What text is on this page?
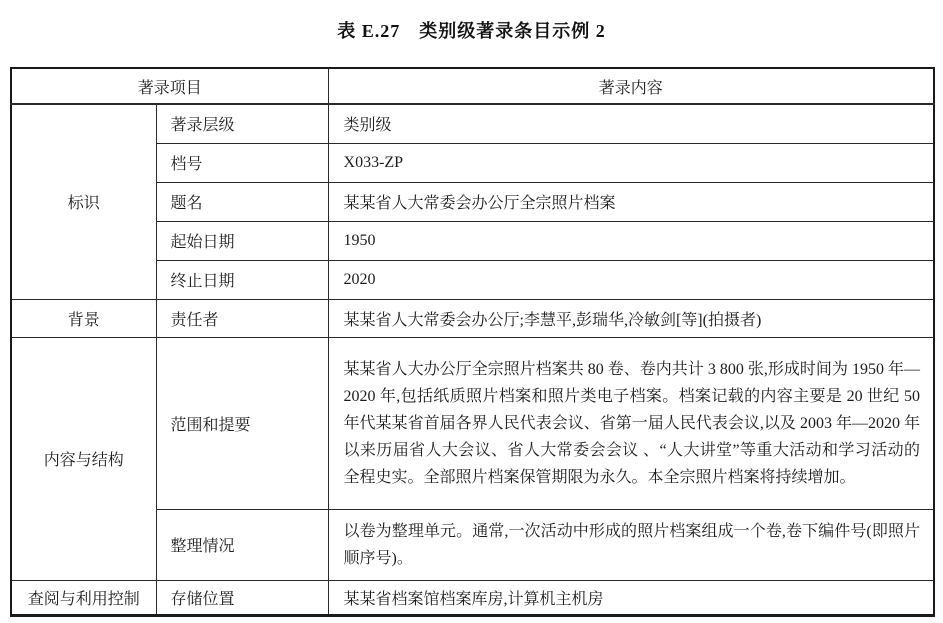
表 E.27　类别级著录条目示例 2
著录项目		著录内容
标识	著录层级	类别级
	档号	X033-ZP
	题名	某某省人大常委会办公厅全宗照片档案
	起始日期	1950
	终止日期	2020
背景	责任者	某某省人大常委会办公厅;李慧平,彭瑞华,冷敏剑[等](拍摄者)
内容与结构	范围和提要	某某省人大办公厅全宗照片档案共 80 卷、卷内共计 3 800 张,形成时间为 1950 年—2020 年,包括纸质照片档案和照片类电子档案。档案记载的内容主要是 20 世纪 50 年代某某省首届各界人民代表会议、省第一届人民代表会议,以及 2003 年—2020 年以来历届省人大会议、省人大常委会会议 、“人大讲堂”等重大活动和学习活动的全程史实。全部照片档案保管期限为永久。本全宗照片档案将持续增加。
	整理情况	以卷为整理单元。通常,一次活动中形成的照片档案组成一个卷,卷下编件号(即照片顺序号)。
查阅与利用控制	存储位置	某某省档案馆档案库房,计算机主机房
